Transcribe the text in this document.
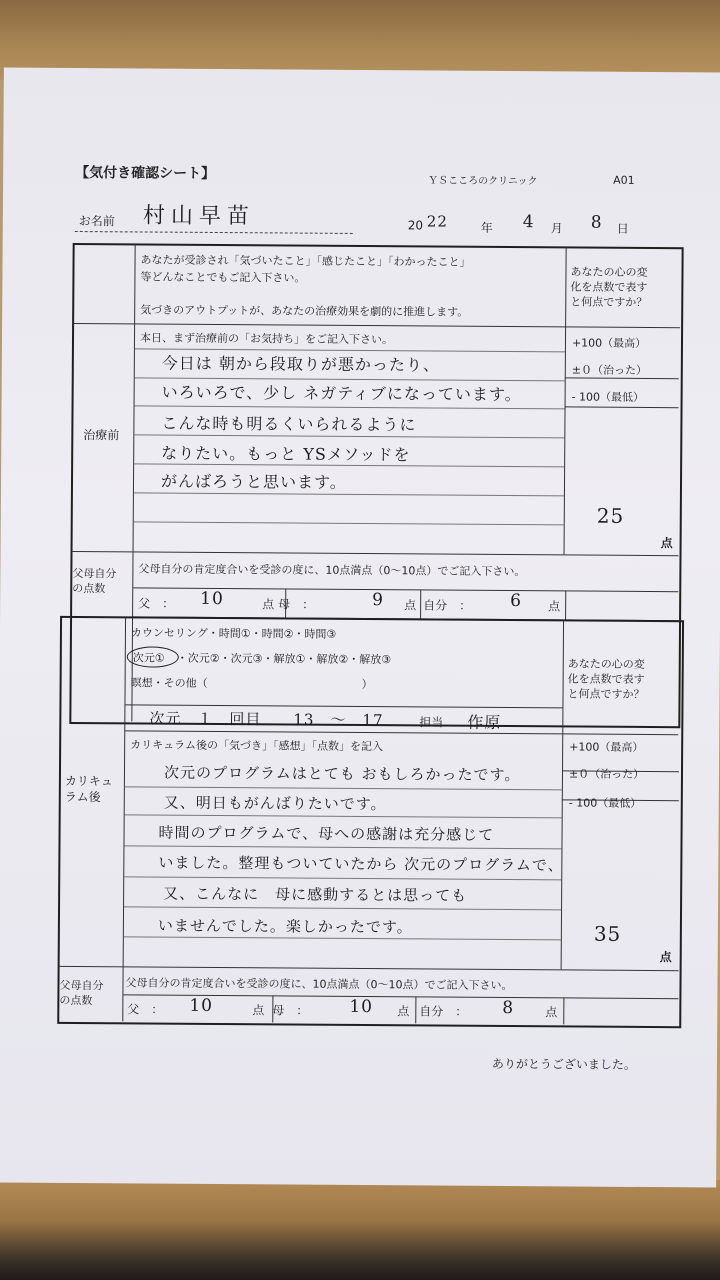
【気付き確認シート】	ＹＳこころのクリニック	A01
お名前 村山早苗	20 22	年 4 月 8 日
あなたが受診され「気づいたこと」「感じたこと」「わかったこと」
等どんなことでもご記入下さい。
気づきのアウトプットが、あなたの治療効果を劇的に推進します。
あなたの心の変
化を点数で表す
と何点ですか？
治療前
本日、まず治療前の「お気持ち」をご記入下さい。
今日は 朝から段取りが悪かったり、
いろいろで、少し ネガティブになっています。
こんな時も明るくいられるように
なりたい。もっと YSメソッドを
がんばろうと思います。
+100（最高）
±０（治った）
- 100（最低）
25
点
父母自分
の点数
父母自分の肯定度合いを受診の度に、10点満点（0〜10点）でご記入下さい。
父　： 10	点 母　：	9 点 自分　： 6 点
カリキュ
ラム後
カウンセリング・時間①・時間②・時間③
次元① ・次元②・次元③・解放①・解放②・解放③
瞑想・その他（　　　　　　　　　　　　　　）
次元　１　回目　　13　〜　17	担当 作原
あなたの心の変
化を点数で表す
と何点ですか？
カリキュラム後の「気づき」「感想」「点数」を記入
次元のプログラムはとても おもしろかったです。
又、明日もがんばりたいです。
時間のプログラムで、母への感謝は充分感じて
いました。整理もついていたから 次元のプログラムで、
又、こんなに　母に感動するとは思っても
いませんでした。楽しかったです。
+100（最高）
±０（治った）
- 100（最低）
35
点
父母自分
の点数
父母自分の肯定度合いを受診の度に、10点満点（0〜10点）でご記入下さい。
父　： 10	点 母　： 10 点 自分　： 8	点
ありがとうございました。
